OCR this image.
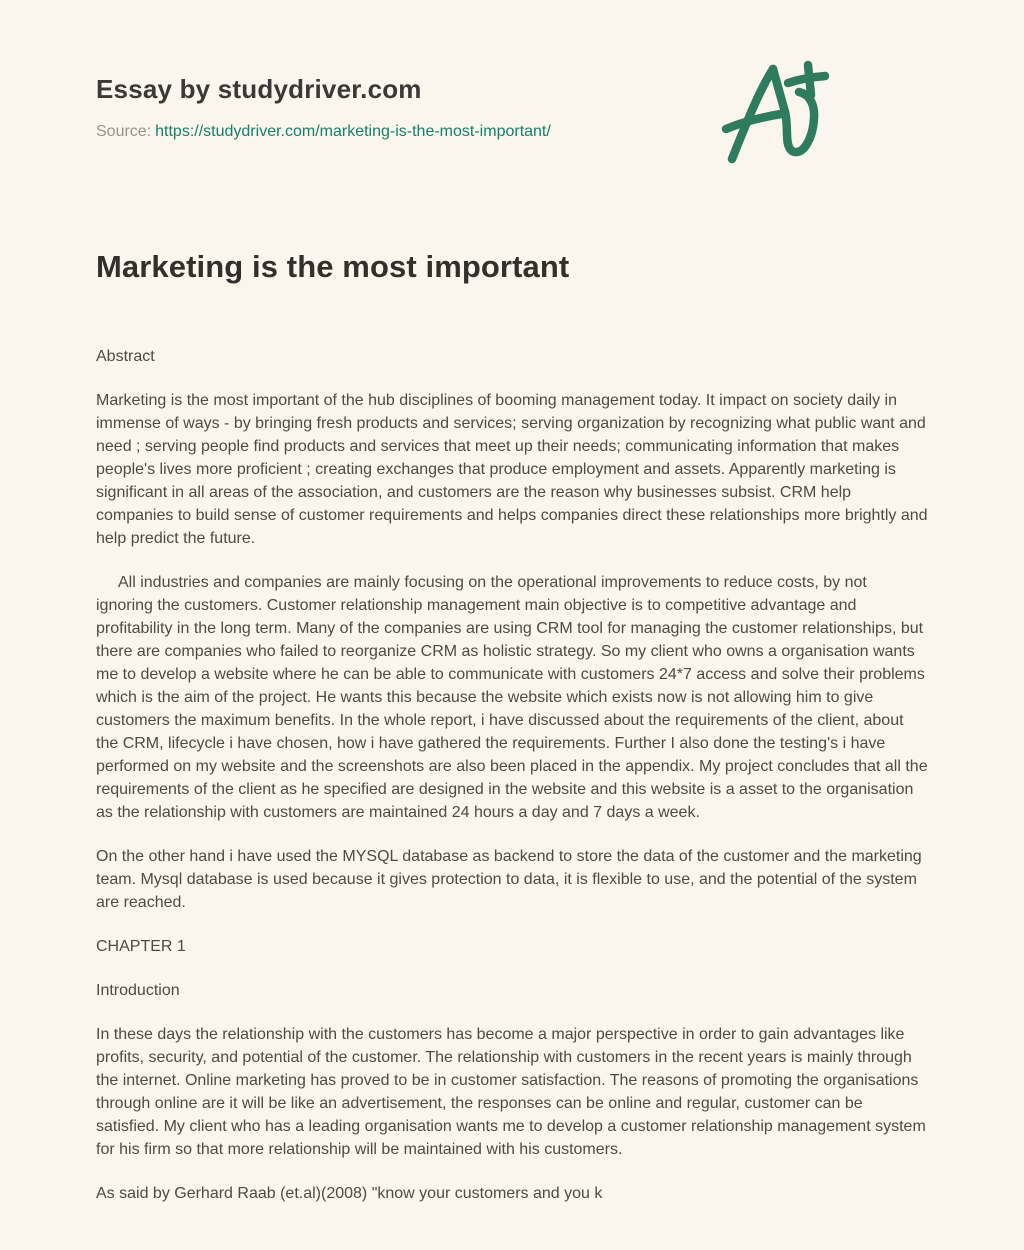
Essay by studydriver.com
Source: https://studydriver.com/marketing-is-the-most-important/
Marketing is the most important

Abstract

Marketing is the most important of the hub disciplines of booming management today. It impact on society daily in immense of ways - by bringing fresh products and services; serving organization by recognizing what public want and need ; serving people find products and services that meet up their needs; communicating information that makes people's lives more proficient ; creating exchanges that produce employment and assets. Apparently marketing is significant in all areas of the association, and customers are the reason why businesses subsist. CRM help companies to build sense of customer requirements and helps companies direct these relationships more brightly and help predict the future.

All industries and companies are mainly focusing on the operational improvements to reduce costs, by not ignoring the customers. Customer relationship management main objective is to competitive advantage and profitability in the long term. Many of the companies are using CRM tool for managing the customer relationships, but there are companies who failed to reorganize CRM as holistic strategy. So my client who owns a organisation wants me to develop a website where he can be able to communicate with customers 24*7 access and solve their problems which is the aim of the project. He wants this because the website which exists now is not allowing him to give customers the maximum benefits. In the whole report, i have discussed about the requirements of the client, about the CRM, lifecycle i have chosen, how i have gathered the requirements. Further I also done the testing's i have performed on my website and the screenshots are also been placed in the appendix. My project concludes that all the requirements of the client as he specified are designed in the website and this website is a asset to the organisation as the relationship with customers are maintained 24 hours a day and 7 days a week.

On the other hand i have used the MYSQL database as backend to store the data of the customer and the marketing team. Mysql database is used because it gives protection to data, it is flexible to use, and the potential of the system are reached.

CHAPTER 1

Introduction

In these days the relationship with the customers has become a major perspective in order to gain advantages like profits, security, and potential of the customer. The relationship with customers in the recent years is mainly through the internet. Online marketing has proved to be in customer satisfaction. The reasons of promoting the organisations through online are it will be like an advertisement, the responses can be online and regular, customer can be satisfied. My client who has a leading organisation wants me to develop a customer relationship management system for his firm so that more relationship will be maintained with his customers.

As said by Gerhard Raab (et.al)(2008) "know your customers and you k
